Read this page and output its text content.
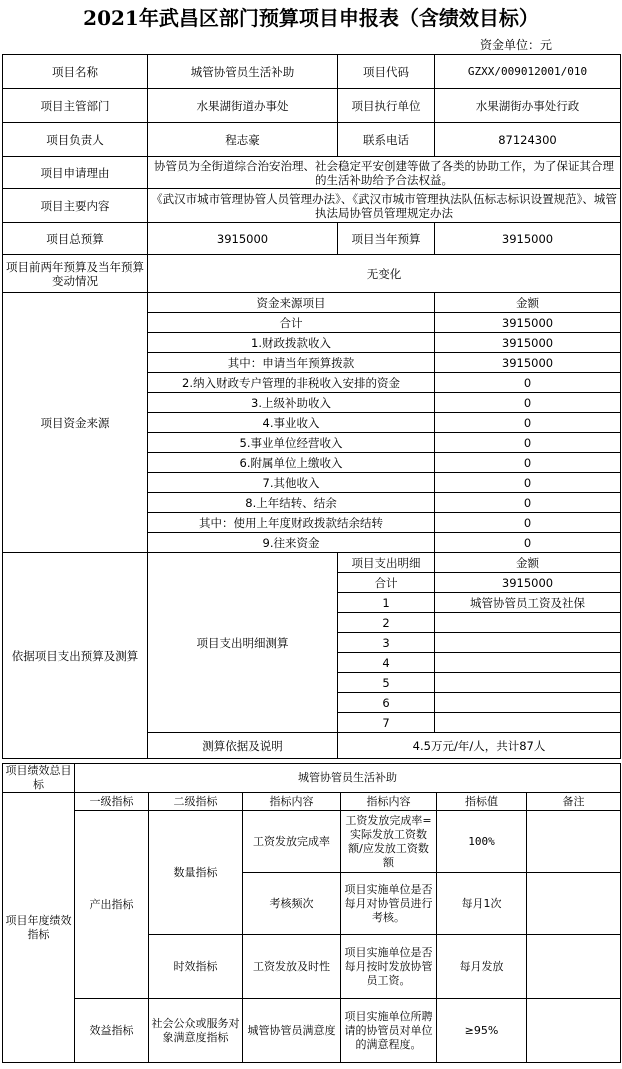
2021年武昌区部门预算项目申报表（含绩效目标）
资金单位：元
项目名称	城管协管员生活补助	项目代码	GZXX/009012001/010
项目主管部门	水果湖街道办事处	项目执行单位	水果湖街办事处行政
项目负责人	程志豪	联系电话	87124300
项目申请理由	协管员为全街道综合治安治理、社会稳定平安创建等做了各类的协助工作，为了保证其合理的生活补助给予合法权益。		
项目主要内容	《武汉市城市管理协管人员管理办法》、《武汉市城市管理执法队伍标志标识设置规范》、城管执法局协管员管理规定办法		
项目总预算	3915000	项目当年预算	3915000
项目前两年预算及当年预算变动情况	无变化		
项目资金来源	资金来源项目		金额
	合计		3915000
	1.财政拨款收入		3915000
	其中：申请当年预算拨款		3915000
	2.纳入财政专户管理的非税收入安排的资金		0
	3.上级补助收入		0
	4.事业收入		0
	5.事业单位经营收入		0
	6.附属单位上缴收入		0
	7.其他收入		0
	8.上年结转、结余		0
	其中：使用上年度财政拨款结余结转		0
	9.往来资金		0
依据项目支出预算及测算	项目支出明细测算	项目支出明细	金额
		合计	3915000
		1	城管协管员工资及社保
		2	
		3	
		4	
		5	
		6	
		7	
	测算依据及说明	4.5万元/年/人，共计87人	
项目绩效总目标	城管协管员生活补助					
项目年度绩效指标	一级指标	二级指标	指标内容	指标内容	指标值	备注
	产出指标	数量指标	工资发放完成率	工资发放完成率=实际发放工资数额/应发放工资数额	100%	
			考核频次	项目实施单位是否每月对协管员进行考核。	每月1次	
		时效指标	工资发放及时性	项目实施单位是否每月按时发放协管员工资。	每月发放	
	效益指标	社会公众或服务对象满意度指标	城管协管员满意度	项目实施单位所聘请的协管员对单位的满意程度。	≥95%	
